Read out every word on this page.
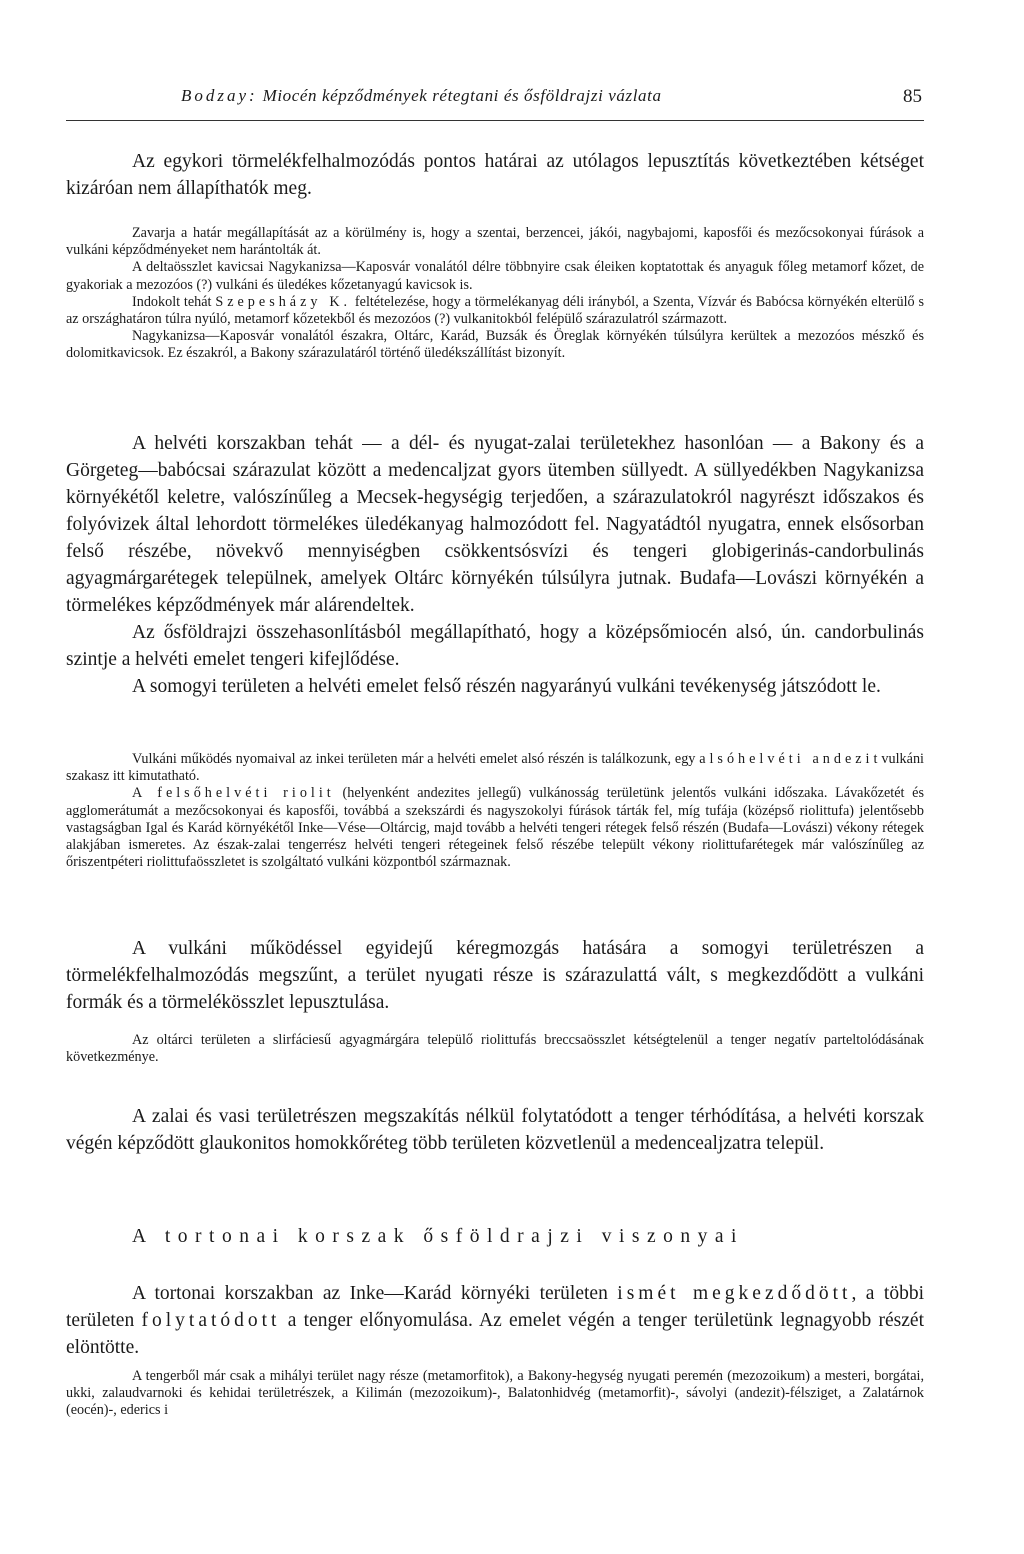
Bodzay: Miocén képződmények rétegtani és ősföldrajzi vázlata	85

Az egykori törmelékfelhalmozódás pontos határai az utólagos lepusztítás következtében kétséget kizáróan nem állapíthatók meg.

Zavarja a határ megállapítását az a körülmény is, hogy a szentai, berzencei, jákói, nagybajomi, kaposfői és mezőcsokonyai fúrások a vulkáni képződményeket nem harántolták át.

A deltaösszlet kavicsai Nagykanizsa—Kaposvár vonalától délre többnyire csak éleiken koptatottak és anyaguk főleg metamorf kőzet, de gyakoriak a mezozóos (?) vulkáni és üledékes kőzetanyagú kavicsok is.

Indokolt tehát Szepesházy K. feltételezése, hogy a törmelékanyag déli irányból, a Szenta, Vízvár és Babócsa környékén elterülő s az országhatáron túlra nyúló, metamorf kőzetekből és mezozóos (?) vulkanitokból felépülő szárazulatról származott.

Nagykanizsa—Kaposvár vonalától északra, Oltárc, Karád, Buzsák és Öreglak környékén túlsúlyra kerültek a mezozóos mészkő és dolomitkavicsok. Ez északról, a Bakony szárazulatáról történő üledékszállítást bizonyít.

A helvéti korszakban tehát — a dél- és nyugat-zalai területekhez hasonlóan — a Bakony és a Görgeteg—babócsai szárazulat között a medencaljzat gyors ütemben süllyedt. A süllyedékben Nagykanizsa környékétől keletre, valószínűleg a Mecsek-hegységig terjedően, a szárazulatokról nagyrészt időszakos és folyóvizek által lehordott törmelékes üledékanyag halmozódott fel. Nagyatádtól nyugatra, ennek elsősorban felső részébe, növekvő mennyiségben csökkentsósvízi és tengeri globigerinás-candorbulinás agyagmárgarétegek települnek, amelyek Oltárc környékén túlsúlyra jutnak. Budafa—Lovászi környékén a törmelékes képződmények már alárendeltek.

Az ősföldrajzi összehasonlításból megállapítható, hogy a középsőmiocén alsó, ún. candorbulinás szintje a helvéti emelet tengeri kifejlődése.

A somogyi területen a helvéti emelet felső részén nagyarányú vulkáni tevékenység játszódott le.

Vulkáni működés nyomaival az inkei területen már a helvéti emelet alsó részén is találkozunk, egy alsóhelvéti andezitvulkáni szakasz itt kimutatható.

A felsőhelvéti riolit (helyenként andezites jellegű) vulkánosság területünk jelentős vulkáni időszaka. Lávakőzetét és agglomerátumát a mezőcsokonyai és kaposfői, továbbá a szekszárdi és nagyszokolyi fúrások tárták fel, míg tufája (középső riolittufa) jelentősebb vastagságban Igal és Karád környékétől Inke—Vése—Oltárcig, majd tovább a helvéti tengeri rétegek felső részén (Budafa—Lovászi) vékony rétegek alakjában ismeretes. Az észak-zalai tengerrész helvéti tengeri rétegeinek felső részébe települt vékony riolittufarétegek már valószínűleg az őriszentpéteri riolittufaösszletet is szolgáltató vulkáni központból származnak.

A vulkáni működéssel egyidejű kéregmozgás hatására a somogyi területrészen a törmelékfelhalmozódás megszűnt, a terület nyugati része is szárazulattá vált, s megkezdődött a vulkáni formák és a törmelékösszlet lepusztulása.

Az oltárci területen a slirfáciesű agyagmárgára települő riolittufás breccsaösszlet kétségtelenül a tenger negatív parteltolódásának következménye.

A zalai és vasi területrészen megszakítás nélkül folytatódott a tenger térhódítása, a helvéti korszak végén képződött glaukonitos homokkőréteg több területen közvetlenül a medencealjzatra települ.

A tortonai korszak ősföldrajzi viszonyai

A tortonai korszakban az Inke—Karád környéki területen ismét megkezdődött, a többi területen folytatódott a tenger előnyomulása. Az emelet végén a tenger területünk legnagyobb részét elöntötte.

A tengerből már csak a mihályi terület nagy része (metamorfitok), a Bakony-hegység nyugati peremén (mezozoikum) a mesteri, borgátai, ukki, zalaudvarnoki és kehidai területrészek, a Kilimán (mezozoikum)-, Balatonhidvég (metamorfit)-, sávolyi (andezit)-félsziget, a Zalatárnok (eocén)-, ederics i
